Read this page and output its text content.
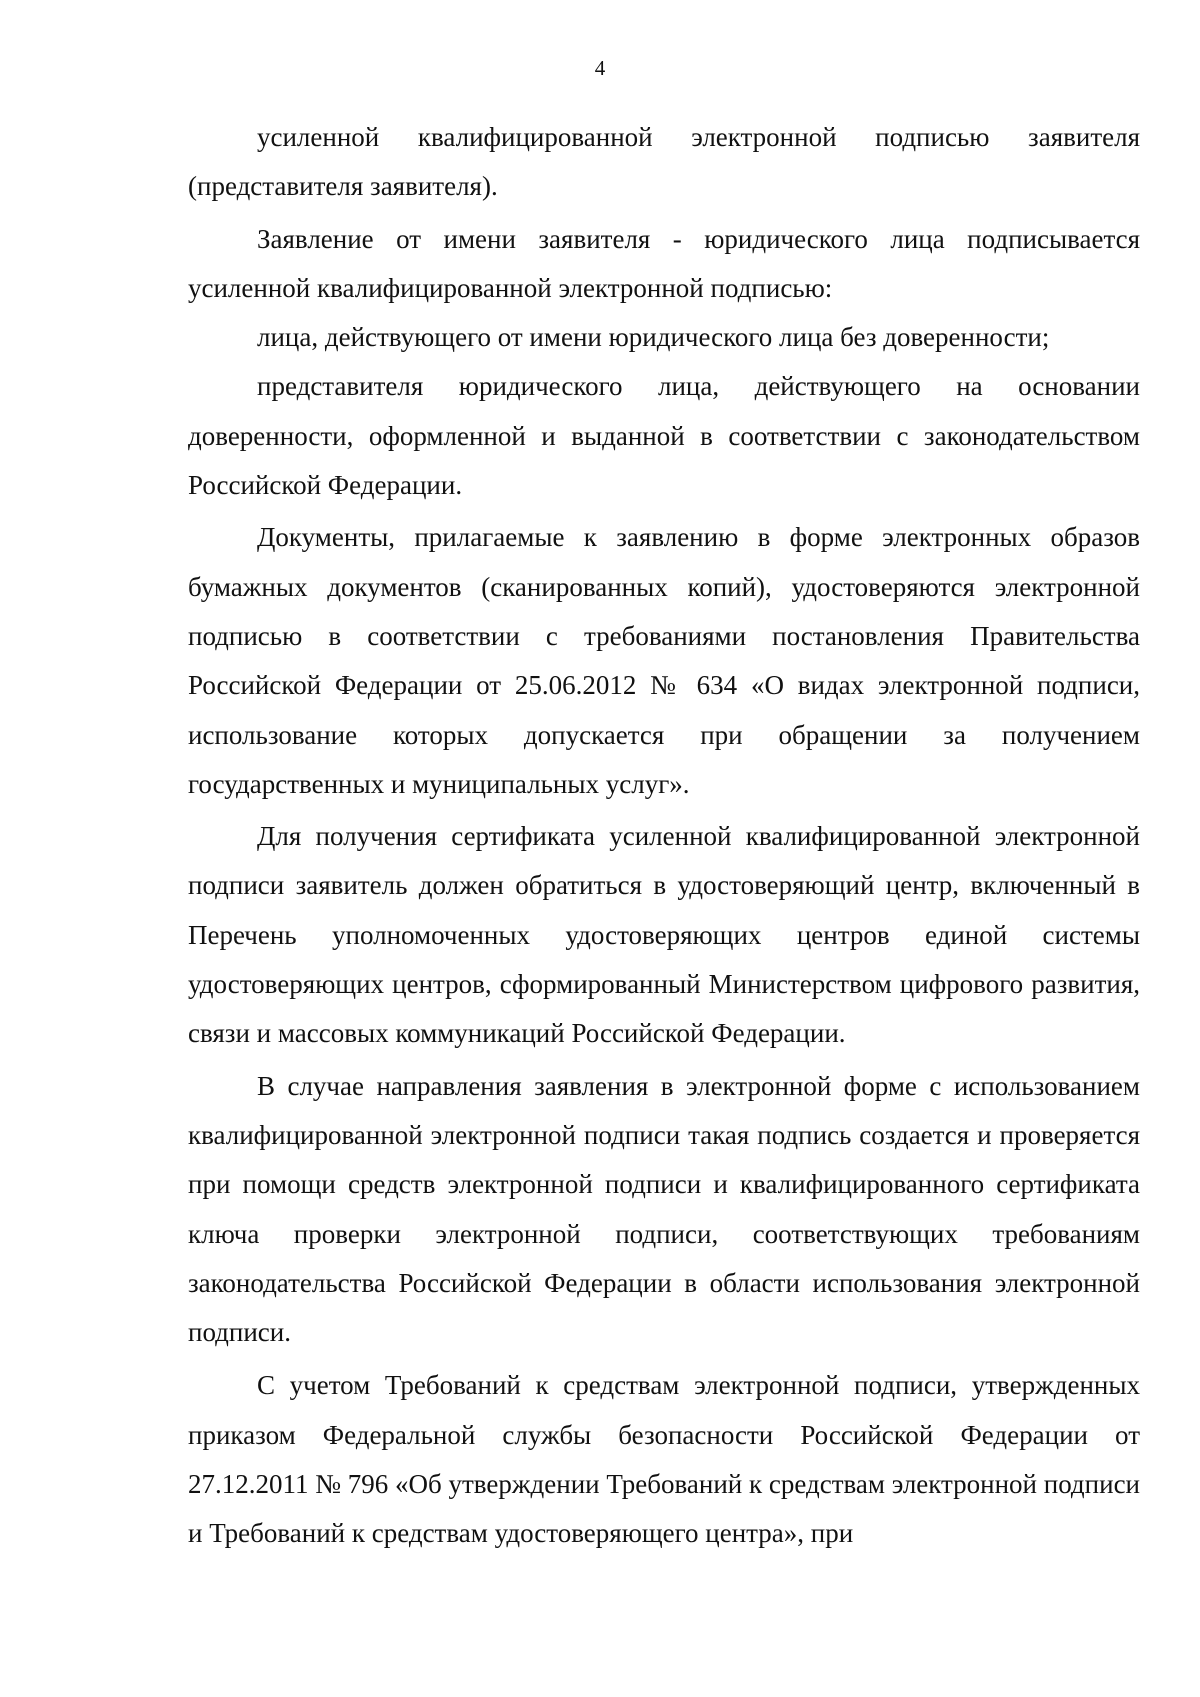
4

усиленной квалифицированной электронной подписью заявителя (представителя заявителя).

Заявление от имени заявителя - юридического лица подписывается усиленной квалифицированной электронной подписью:

лица, действующего от имени юридического лица без доверенности;

представителя юридического лица, действующего на основании доверенности, оформленной и выданной в соответствии с законодательством Российской Федерации.

Документы, прилагаемые к заявлению в форме электронных образов бумажных документов (сканированных копий), удостоверяются электронной подписью в соответствии с требованиями постановления Правительства Российской Федерации от 25.06.2012 № 634 «О видах электронной подписи, использование которых допускается при обращении за получением государственных и муниципальных услуг».

Для получения сертификата усиленной квалифицированной электронной подписи заявитель должен обратиться в удостоверяющий центр, включенный в Перечень уполномоченных удостоверяющих центров единой системы удостоверяющих центров, сформированный Министерством цифрового развития, связи и массовых коммуникаций Российской Федерации.

В случае направления заявления в электронной форме с использованием квалифицированной электронной подписи такая подпись создается и проверяется при помощи средств электронной подписи и квалифицированного сертификата ключа проверки электронной подписи, соответствующих требованиям законодательства Российской Федерации в области использования электронной подписи.

С учетом Требований к средствам электронной подписи, утвержденных приказом Федеральной службы безопасности Российской Федерации от 27.12.2011 № 796 «Об утверждении Требований к средствам электронной подписи и Требований к средствам удостоверяющего центра», при
